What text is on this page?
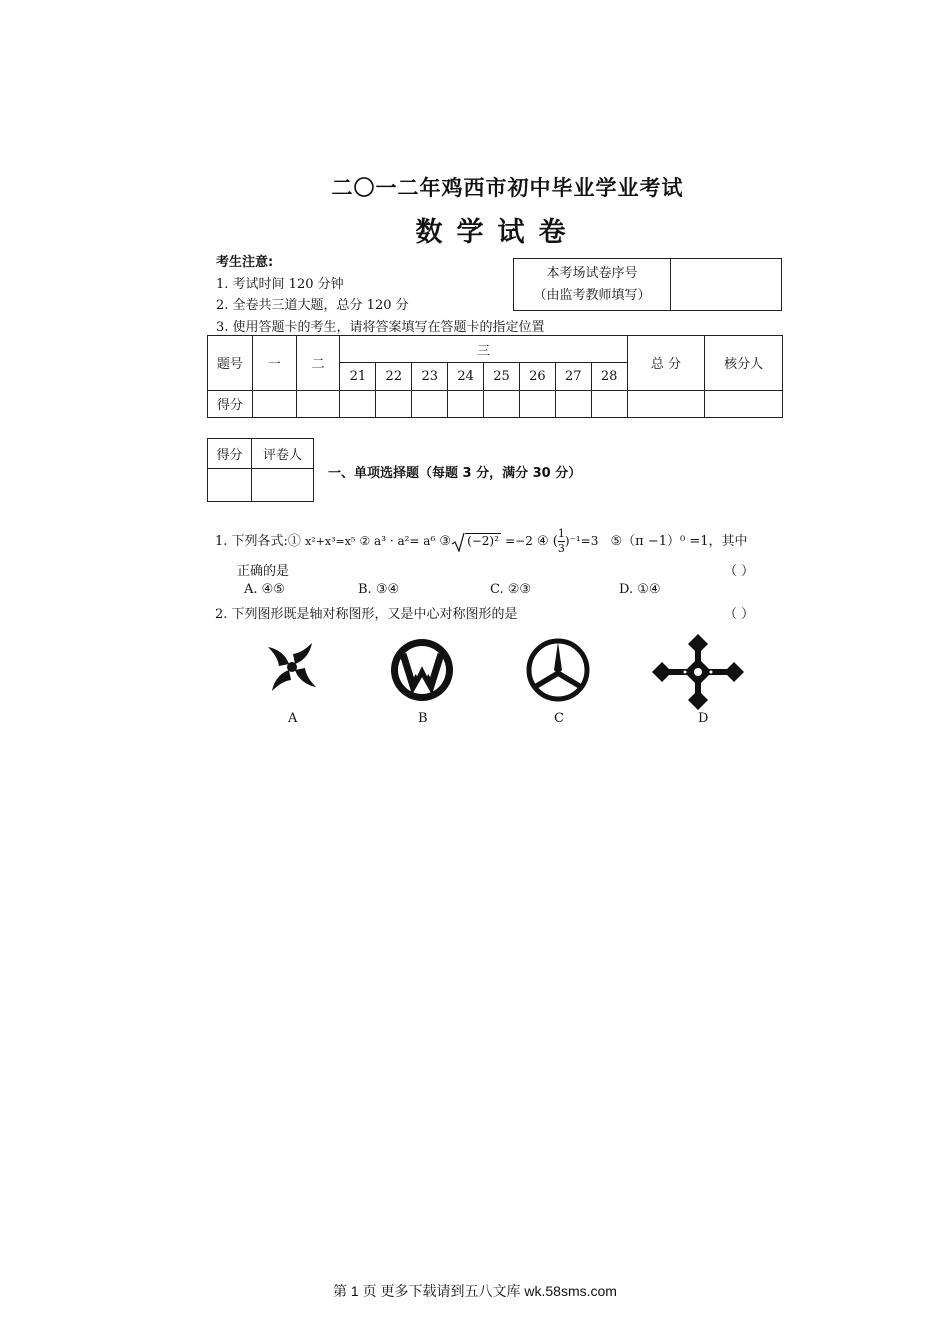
二〇一二年鸡西市初中毕业学业考试
数学试卷
考生注意:
1. 考试时间 120 分钟
2. 全卷共三道大题，总分 120 分
3. 使用答题卡的考生，请将答案填写在答题卡的指定位置
本考场试卷序号
（由监考教师填写）

题号	一	二	三								总 分	核分人
			21	22	23	24	25	26	27	28		
得分												
得分	评卷人

一、单项选择题（每题 3 分，满分 30 分）
1. 下列各式:① x²+x³=x⁵ ② a³ · a²= a⁶ ③ (−2)² =−2 ④ ( $\frac{1}{3} )^{-1}=3$ ⑤（π −1）⁰ =1，其中
正确的是	（ ）
A. ④⑤	B. ③④	C. ②③	D. ①④
2. 下列图形既是轴对称图形，又是中心对称图形的是	（ ）
A	B	C	D
第 1 页 更多下载请到五八文库 wk.58sms.com
